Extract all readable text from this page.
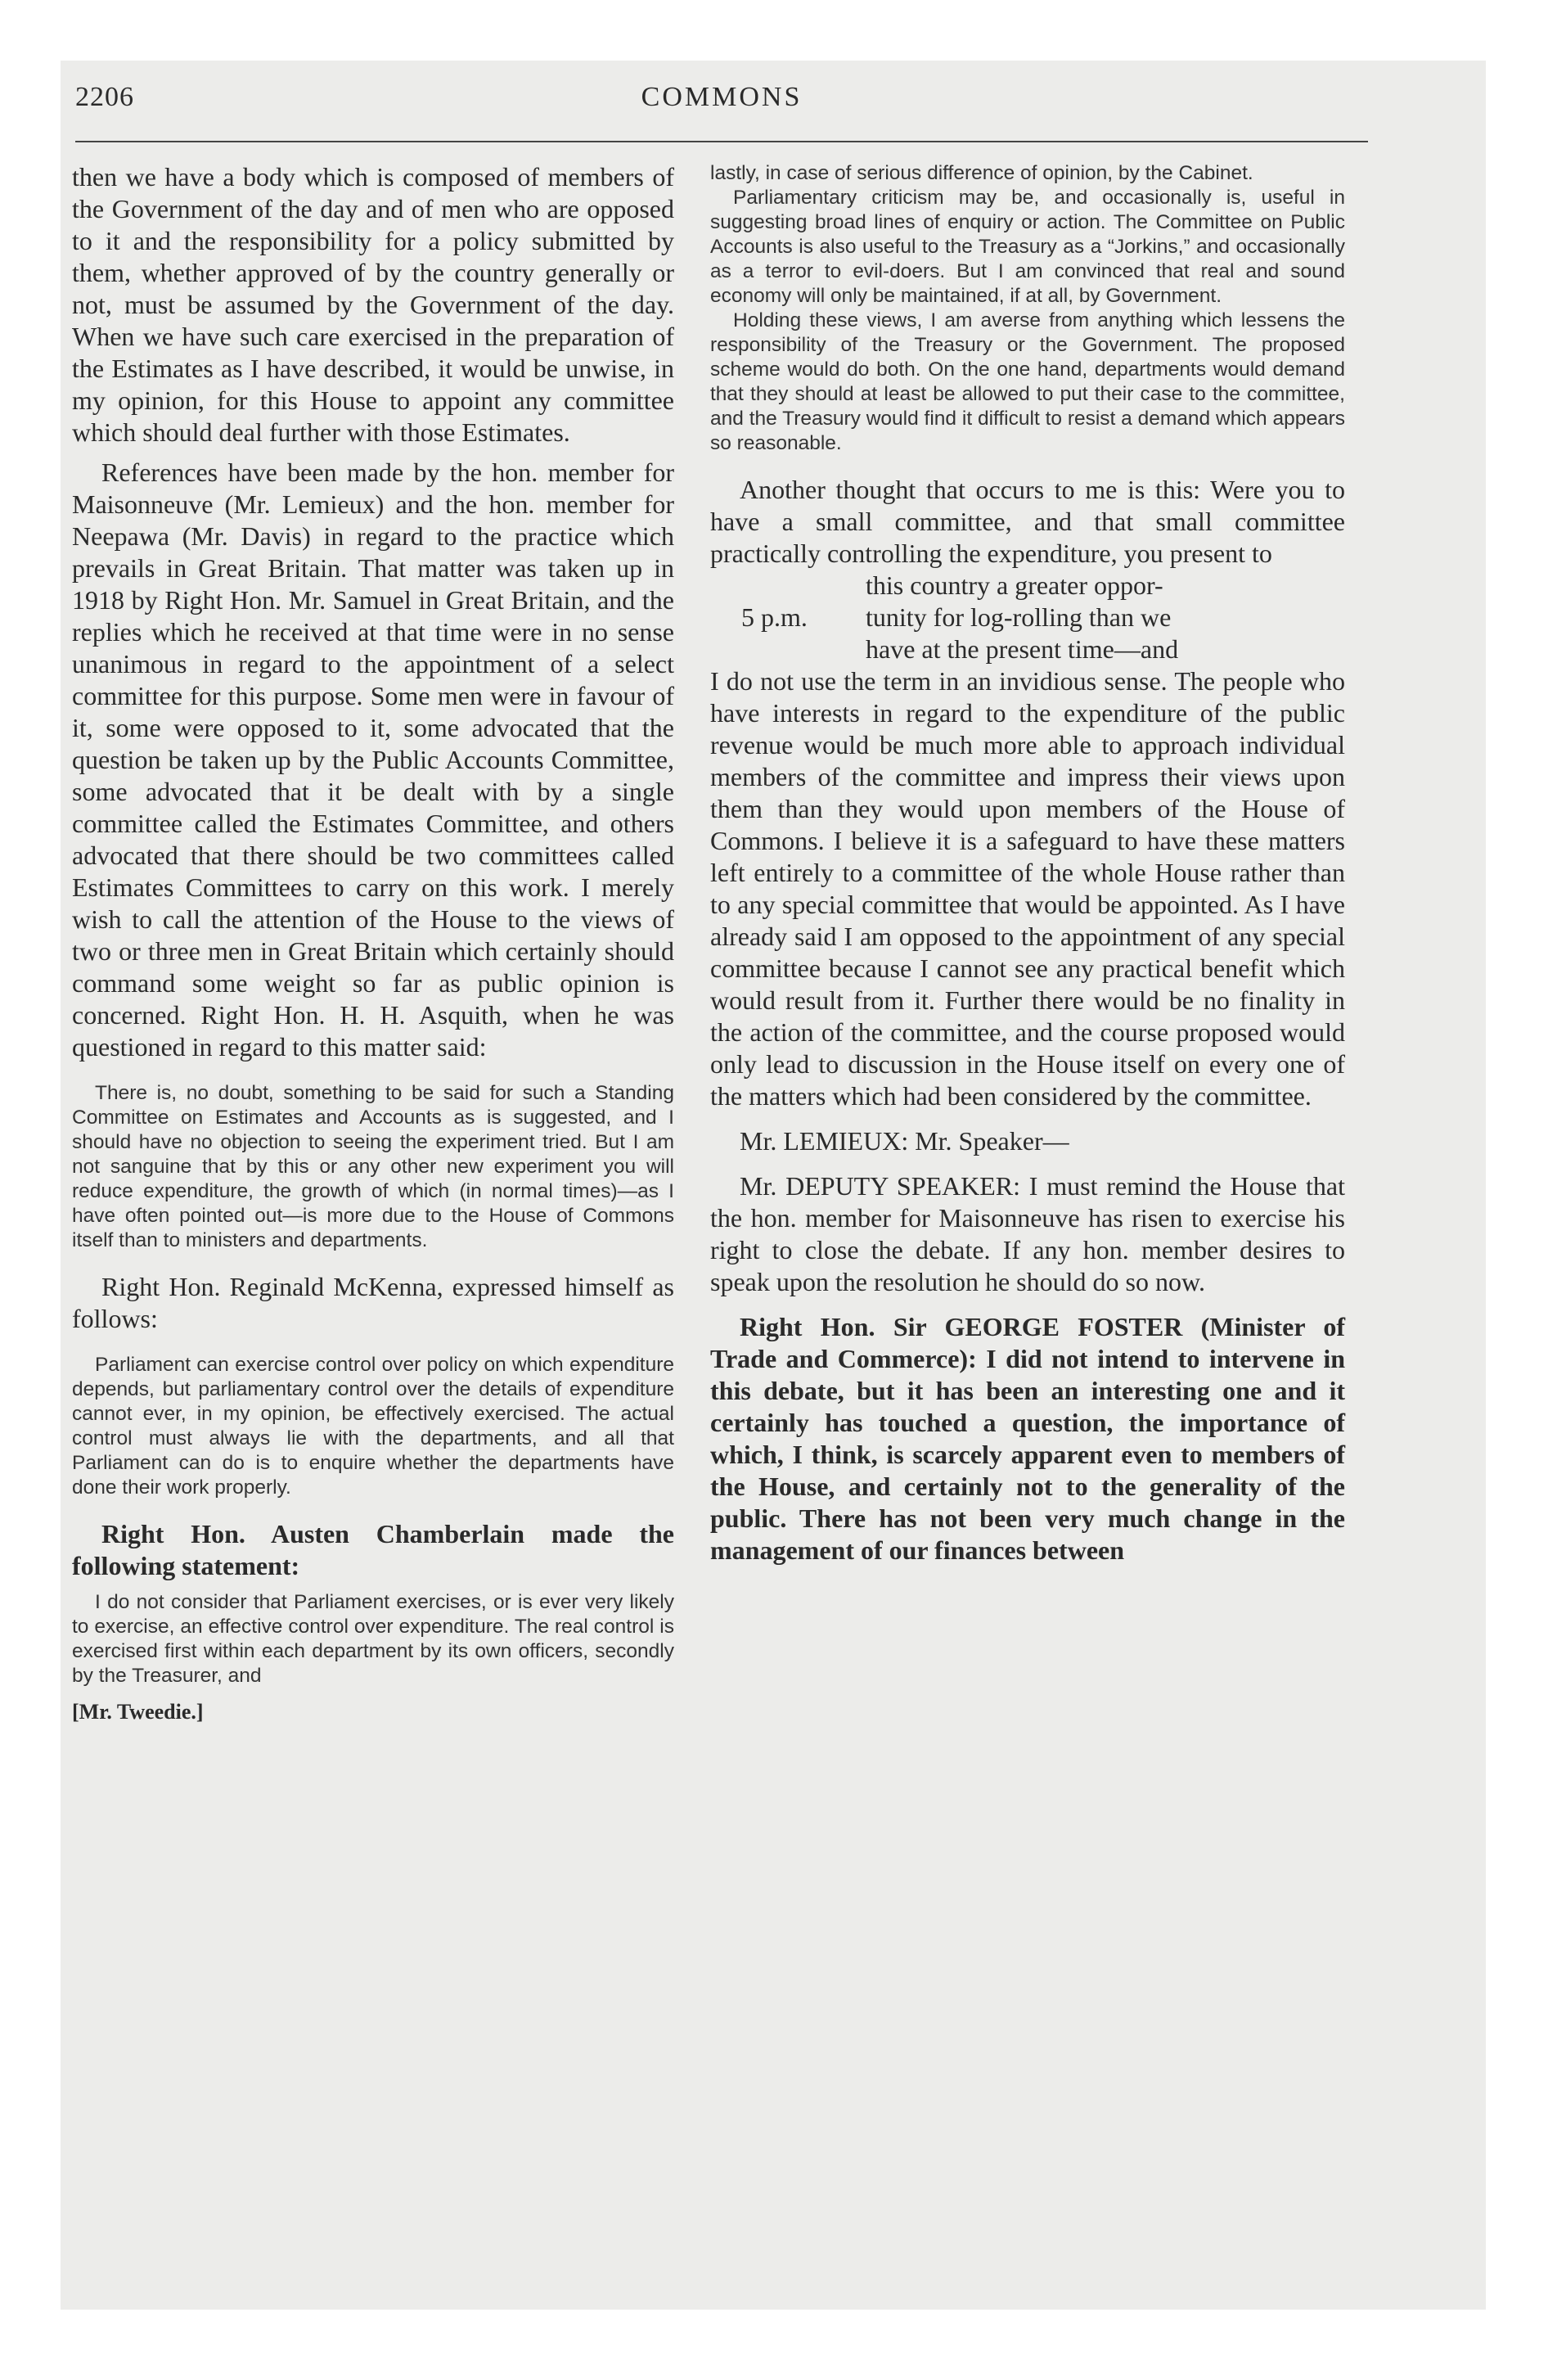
2206	COMMONS

then we have a body which is composed of members of the Government of the day and of men who are opposed to it and the responsibility for a policy submitted by them, whether approved of by the country generally or not, must be assumed by the Government of the day. When we have such care exercised in the preparation of the Estimates as I have described, it would be unwise, in my opinion, for this House to appoint any committee which should deal further with those Estimates.

References have been made by the hon. member for Maisonneuve (Mr. Lemieux) and the hon. member for Neepawa (Mr. Davis) in regard to the practice which prevails in Great Britain. That matter was taken up in 1918 by Right Hon. Mr. Samuel in Great Britain, and the replies which he received at that time were in no sense unanimous in regard to the appointment of a select committee for this purpose. Some men were in favour of it, some were opposed to it, some advocated that the question be taken up by the Public Accounts Committee, some advocated that it be dealt with by a single committee called the Estimates Committee, and others advocated that there should be two committees called Estimates Committees to carry on this work. I merely wish to call the attention of the House to the views of two or three men in Great Britain which certainly should command some weight so far as public opinion is concerned. Right Hon. H. H. Asquith, when he was questioned in regard to this matter said:

There is, no doubt, something to be said for such a Standing Committee on Estimates and Accounts as is suggested, and I should have no objection to seeing the experiment tried. But I am not sanguine that by this or any other new experiment you will reduce expenditure, the growth of which (in normal times)—as I have often pointed out—is more due to the House of Commons itself than to ministers and departments.

Right Hon. Reginald McKenna, expressed himself as follows:

Parliament can exercise control over policy on which expenditure depends, but parliamentary control over the details of expenditure cannot ever, in my opinion, be effectively exercised. The actual control must always lie with the departments, and all that Parliament can do is to enquire whether the departments have done their work properly.

Right Hon. Austen Chamberlain made the following statement:

I do not consider that Parliament exercises, or is ever very likely to exercise, an effective control over expenditure. The real control is exercised first within each department by its own officers, secondly by the Treasurer, and

[Mr. Tweedie.]

lastly, in case of serious difference of opinion, by the Cabinet.

Parliamentary criticism may be, and occasionally is, useful in suggesting broad lines of enquiry or action. The Committee on Public Accounts is also useful to the Treasury as a “Jorkins,” and occasionally as a terror to evil-doers. But I am convinced that real and sound economy will only be maintained, if at all, by Government.

Holding these views, I am averse from anything which lessens the responsibility of the Treasury or the Government. The proposed scheme would do both. On the one hand, departments would demand that they should at least be allowed to put their case to the committee, and the Treasury would find it difficult to resist a demand which appears so reasonable.

Another thought that occurs to me is this: Were you to have a small committee, and that small committee practically controlling the expenditure, you present to

this country a greater oppor-

tunity for log-rolling than we

have at the present time—and

5 p.m.

I do not use the term in an invidious sense. The people who have interests in regard to the expenditure of the public revenue would be much more able to approach individual members of the committee and impress their views upon them than they would upon members of the House of Commons. I believe it is a safeguard to have these matters left entirely to a committee of the whole House rather than to any special committee that would be appointed. As I have already said I am opposed to the appointment of any special committee because I cannot see any practical benefit which would result from it. Further there would be no finality in the action of the committee, and the course proposed would only lead to discussion in the House itself on every one of the matters which had been considered by the committee.

Mr. LEMIEUX: Mr. Speaker—

Mr. DEPUTY SPEAKER: I must remind the House that the hon. member for Maisonneuve has risen to exercise his right to close the debate. If any hon. member desires to speak upon the resolution he should do so now.

Right Hon. Sir GEORGE FOSTER (Minister of Trade and Commerce): I did not intend to intervene in this debate, but it has been an interesting one and it certainly has touched a question, the importance of which, I think, is scarcely apparent even to members of the House, and certainly not to the generality of the public. There has not been very much change in the management of our finances between
